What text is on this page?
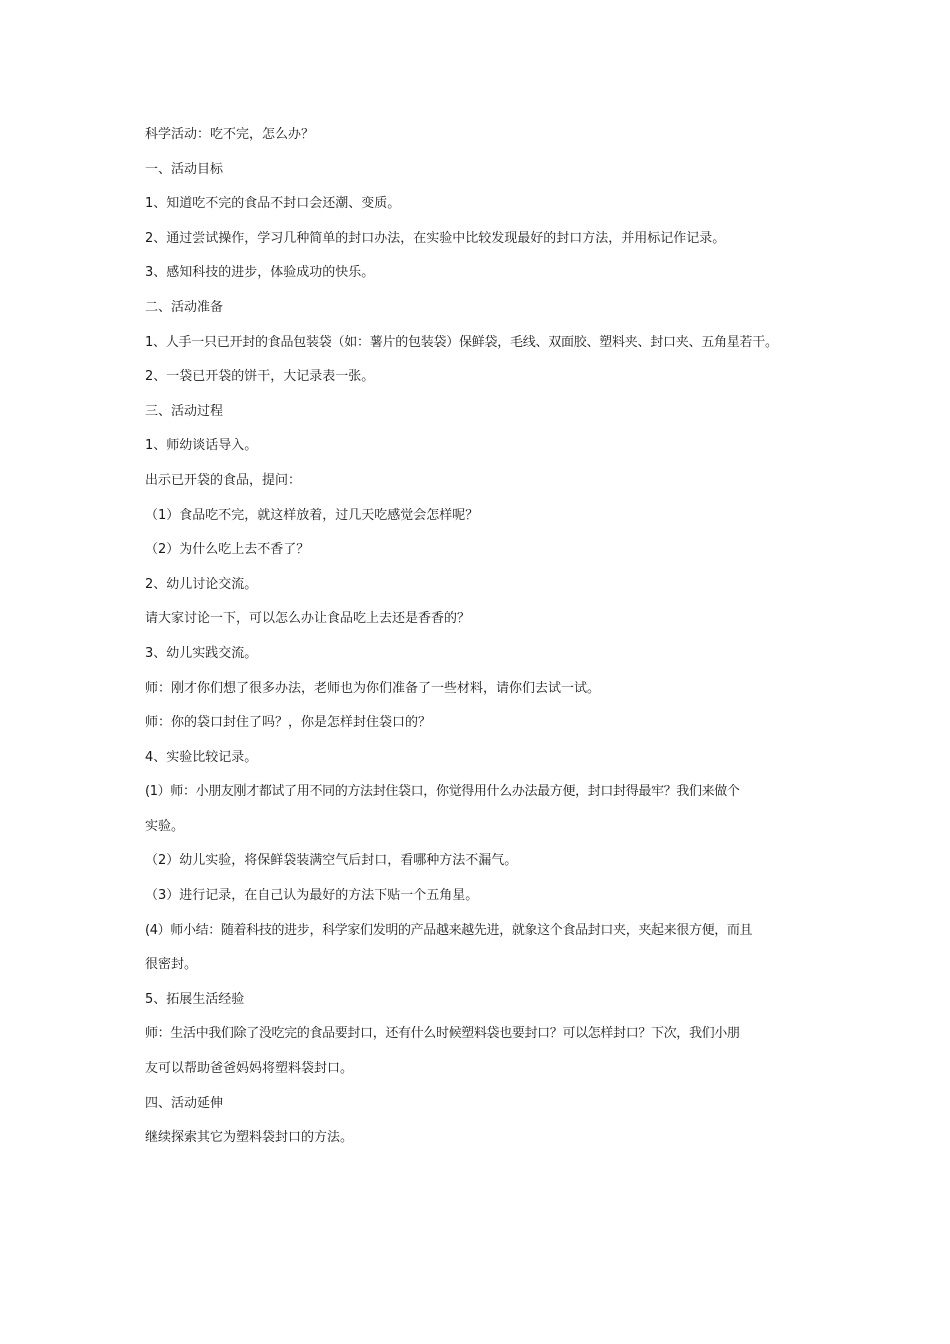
科学活动：吃不完，怎么办？
一、活动目标
1、知道吃不完的食品不封口会还潮、变质。
2、通过尝试操作，学习几种简单的封口办法，在实验中比较发现最好的封口方法，并用标记作记录。
3、感知科技的进步，体验成功的快乐。
二、活动准备
1、人手一只已开封的食品包装袋（如：薯片的包装袋）保鲜袋，毛线、双面胶、塑料夹、封口夹、五角星若干。
2、一袋已开袋的饼干，大记录表一张。
三、活动过程
1、师幼谈话导入。
出示已开袋的食品，提问：
（1）食品吃不完，就这样放着，过几天吃感觉会怎样呢？
（2）为什么吃上去不香了？
2、幼儿讨论交流。
请大家讨论一下，可以怎么办让食品吃上去还是香香的？
3、幼儿实践交流。
师：刚才你们想了很多办法，老师也为你们准备了一些材料，请你们去试一试。
师：你的袋口封住了吗？，你是怎样封住袋口的？
4、实验比较记录。
(1）师：小朋友刚才都试了用不同的方法封住袋口，你觉得用什么办法最方便，封口封得最牢？我们来做个
实验。
（2）幼儿实验，将保鲜袋装满空气后封口，看哪种方法不漏气。
（3）进行记录，在自己认为最好的方法下贴一个五角星。
(4）师小结：随着科技的进步，科学家们发明的产品越来越先进，就象这个食品封口夹，夹起来很方便，而且
很密封。
5、拓展生活经验
师：生活中我们除了没吃完的食品要封口，还有什么时候塑料袋也要封口？可以怎样封口？下次，我们小朋
友可以帮助爸爸妈妈将塑料袋封口。
四、活动延伸
继续探索其它为塑料袋封口的方法。
